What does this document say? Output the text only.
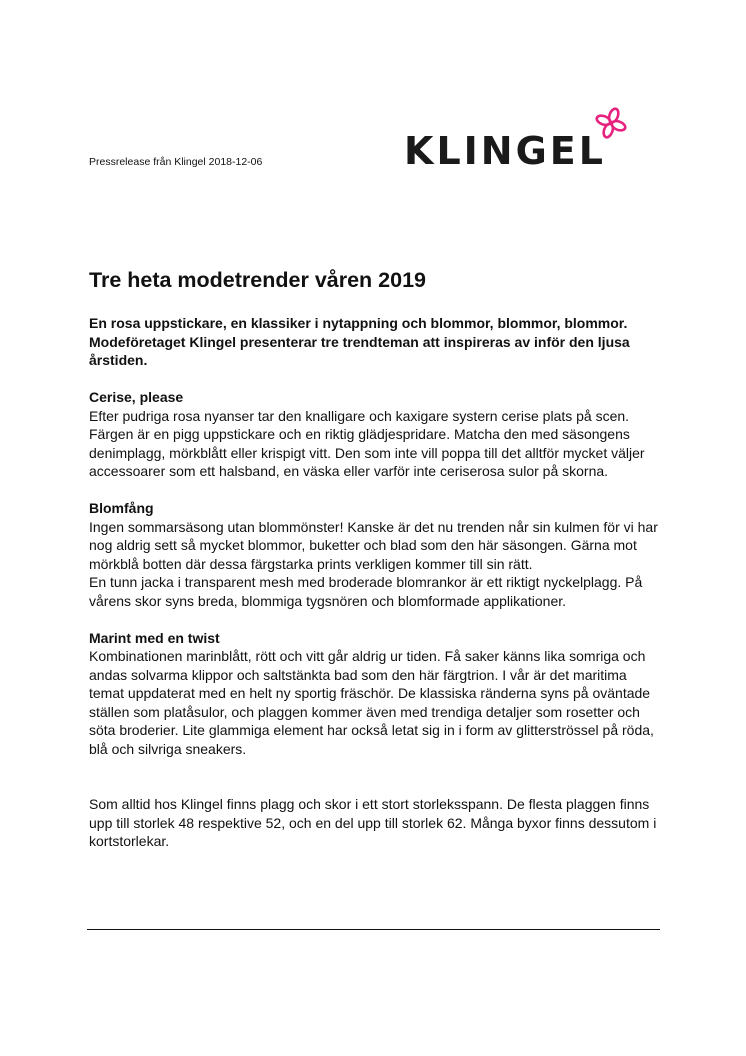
Pressrelease från Klingel 2018-12-06	KLINGEL
Tre heta modetrender våren 2019

En rosa uppstickare, en klassiker i nytappning och blommor, blommor, blommor. Modeföretaget Klingel presenterar tre trendteman att inspireras av inför den ljusa årstiden.

Cerise, please

Efter pudriga rosa nyanser tar den knalligare och kaxigare systern cerise plats på scen. Färgen är en pigg uppstickare och en riktig glädjespridare. Matcha den med säsongens denimplagg, mörkblått eller krispigt vitt. Den som inte vill poppa till det alltför mycket väljer accessoarer som ett halsband, en väska eller varför inte ceriserosa sulor på skorna.

Blomfång

Ingen sommarsäsong utan blommönster! Kanske är det nu trenden når sin kulmen för vi har nog aldrig sett så mycket blommor, buketter och blad som den här säsongen. Gärna mot mörkblå botten där dessa färgstarka prints verkligen kommer till sin rätt.

En tunn jacka i transparent mesh med broderade blomrankor är ett riktigt nyckelplagg. På vårens skor syns breda, blommiga tygsnören och blomformade applikationer.

Marint med en twist

Kombinationen marinblått, rött och vitt går aldrig ur tiden. Få saker känns lika somriga och andas solvarma klippor och saltstänkta bad som den här färgtrion. I vår är det maritima temat uppdaterat med en helt ny sportig fräschör. De klassiska ränderna syns på oväntade ställen som platåsulor, och plaggen kommer även med trendiga detaljer som rosetter och söta broderier. Lite glammiga element har också letat sig in i form av glitterströssel på röda, blå och silvriga sneakers.

Som alltid hos Klingel finns plagg och skor i ett stort storleksspann. De flesta plaggen finns upp till storlek 48 respektive 52, och en del upp till storlek 62. Många byxor finns dessutom i kortstorlekar.
